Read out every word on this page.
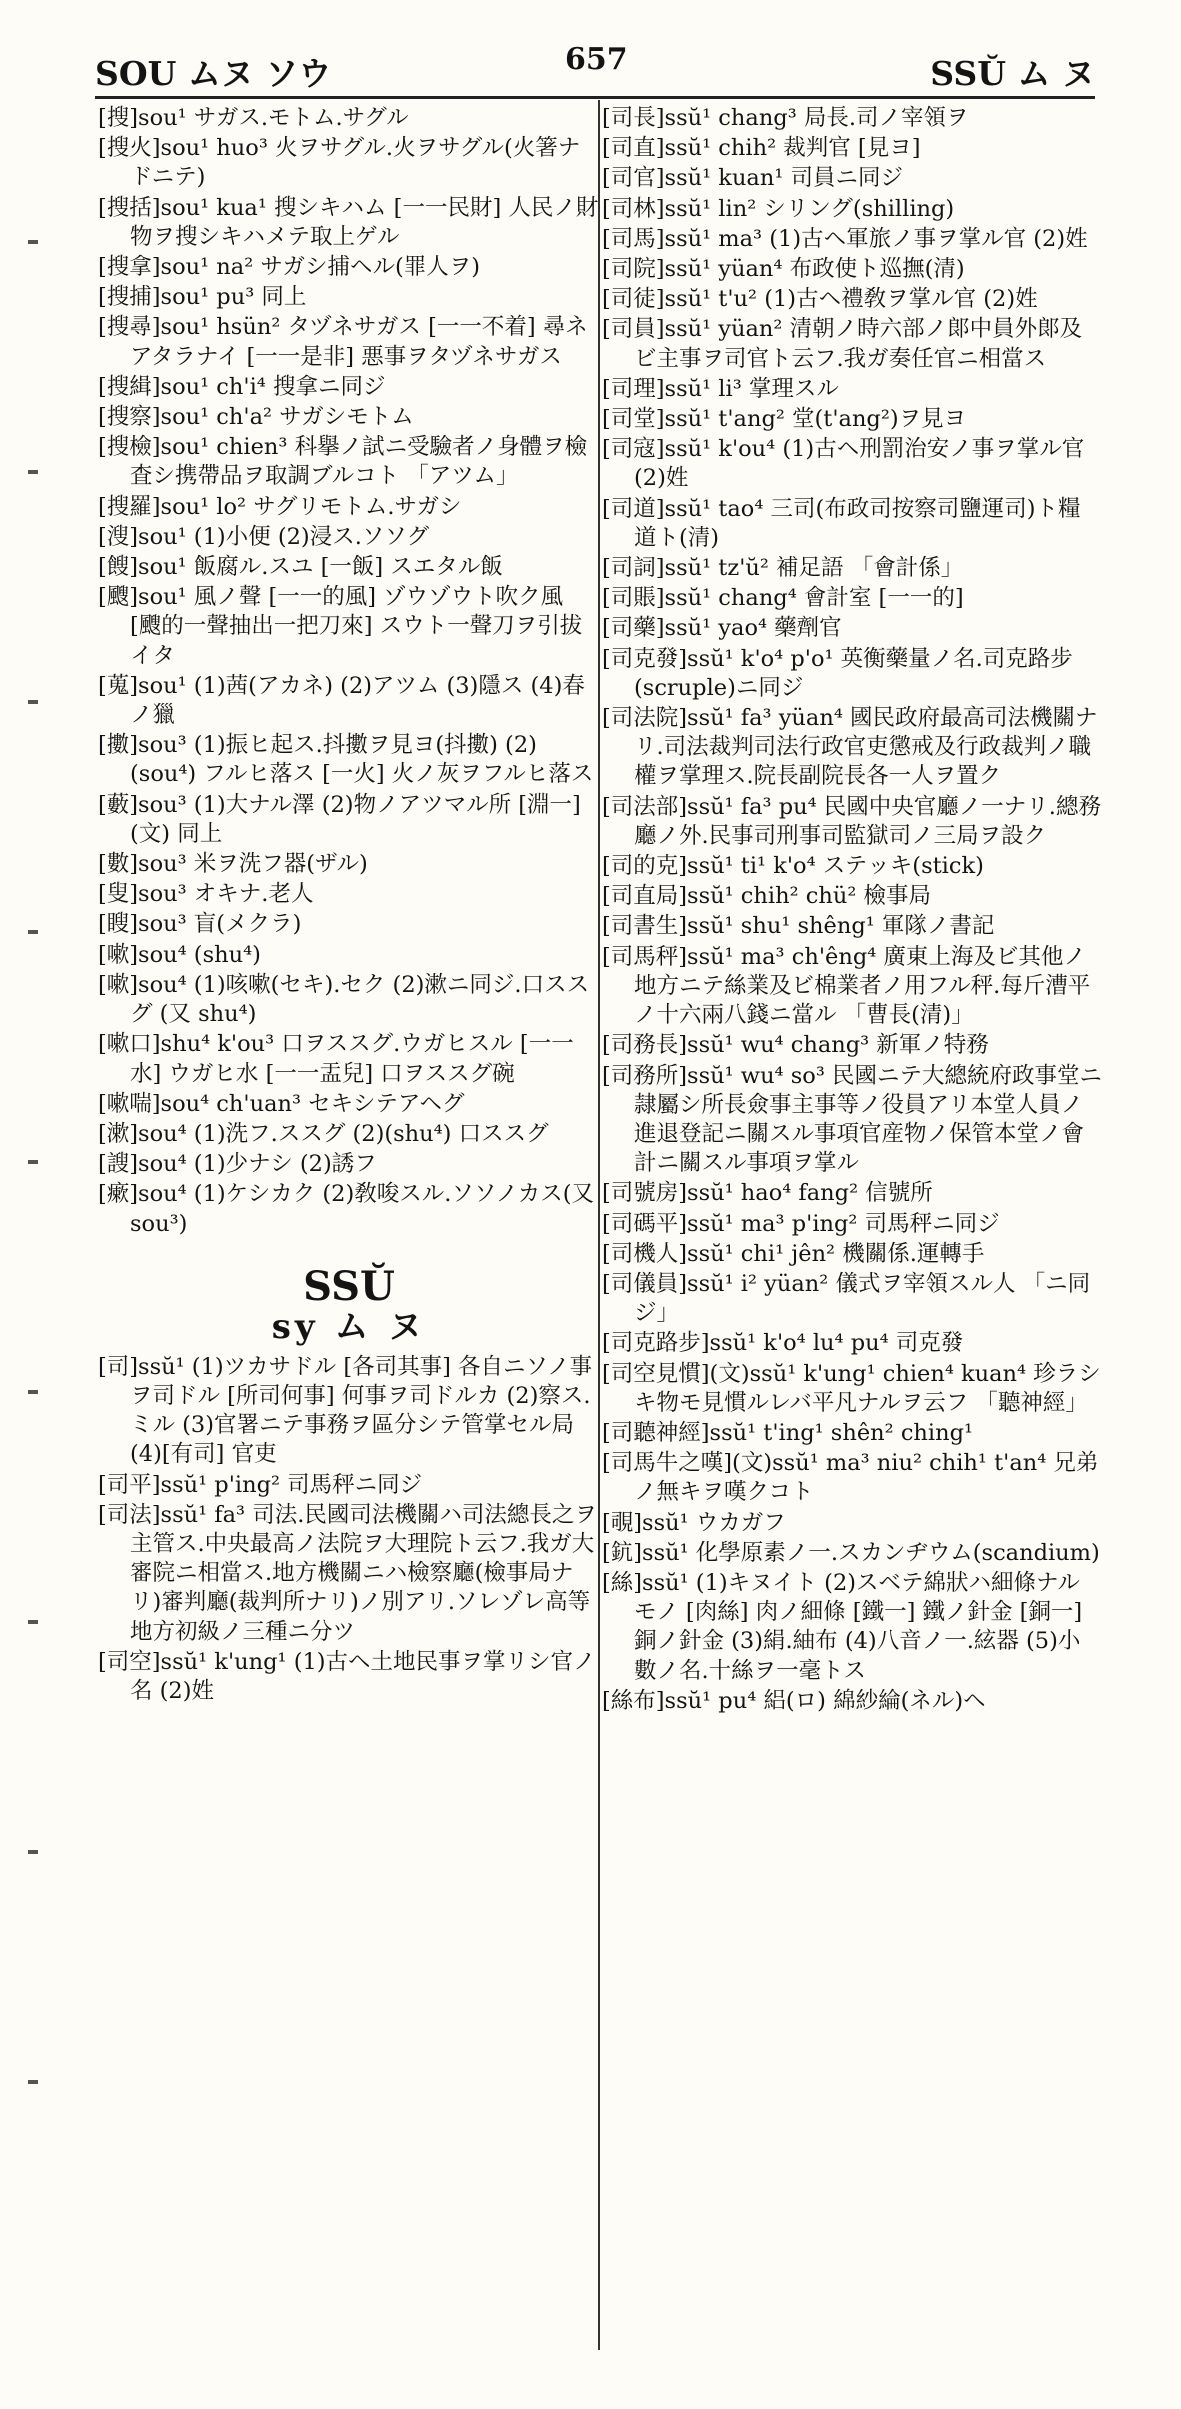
SOU ムヌ ソウ	657	SSŬ ム ヌ
[搜]sou¹ サガス.モトム.サグル
[搜火]sou¹ huo³ 火ヲサグル.火ヲサグル(火箸ナドニテ)
[搜括]sou¹ kua¹ 搜シキハム [一一民財] 人民ノ財物ヲ搜シキハメテ取上ゲル
[搜拿]sou¹ na² サガシ捕ヘル(罪人ヲ)
[搜捕]sou¹ pu³ 同上
[搜尋]sou¹ hsün² タヅネサガス [一一不着] 尋ネアタラナイ [一一是非] 悪事ヲタヅネサガス
[搜緝]sou¹ ch'i⁴ 搜拿ニ同ジ
[搜察]sou¹ ch'a² サガシモトム
[搜檢]sou¹ chien³ 科擧ノ試ニ受驗者ノ身體ヲ檢査シ携帶品ヲ取調ブルコト 「アツム」
[搜羅]sou¹ lo² サグリモトム.サガシ
[溲]sou¹ (1)小便 (2)浸ス.ソソグ
[餿]sou¹ 飯腐ル.スユ [一飯] スエタル飯
[颼]sou¹ 風ノ聲 [一一的風] ゾウゾウト吹ク風 [颼的一聲抽出一把刀來] スウト一聲刀ヲ引拔イタ
[蒐]sou¹ (1)茜(アカネ) (2)アツム (3)隱ス (4)春ノ獵
[擻]sou³ (1)振ヒ起ス.抖擻ヲ見ヨ(抖擻) (2)(sou⁴) フルヒ落ス [一火] 火ノ灰ヲフルヒ落ス
[藪]sou³ (1)大ナル澤 (2)物ノアツマル所 [淵一](文) 同上
[數]sou³ 米ヲ洗フ器(ザル)
[叟]sou³ オキナ.老人
[瞍]sou³ 盲(メクラ)
[嗽]sou⁴ (shu⁴)
[嗽]sou⁴ (1)咳嗽(セキ).セク (2)漱ニ同ジ.口ススグ (又 shu⁴)
[嗽口]shu⁴ k'ou³ 口ヲススグ.ウガヒスル [一一水] ウガヒ水 [一一盂兒] 口ヲススグ碗
[嗽喘]sou⁴ ch'uan³ セキシテアヘグ
[漱]sou⁴ (1)洗フ.ススグ (2)(shu⁴) 口ススグ
[謏]sou⁴ (1)少ナシ (2)誘フ
[瘶]sou⁴ (1)ケシカク (2)敎唆スル.ソソノカス(又 sou³)
SSŬ
sy ム ヌ
[司]ssŭ¹ (1)ツカサドル [各司其事] 各自ニソノ事ヲ司ドル [所司何事] 何事ヲ司ドルカ (2)察ス.ミル (3)官署ニテ事務ヲ區分シテ管掌セル局 (4)[有司] 官吏
[司平]ssŭ¹ p'ing² 司馬秤ニ同ジ
[司法]ssŭ¹ fa³ 司法.民國司法機關ハ司法總長之ヲ主管ス.中央最高ノ法院ヲ大理院ト云フ.我ガ大審院ニ相當ス.地方機關ニハ檢察廳(檢事局ナリ)審判廳(裁判所ナリ)ノ別アリ.ソレゾレ高等地方初級ノ三種ニ分ツ
[司空]ssŭ¹ k'ung¹ (1)古ヘ土地民事ヲ掌リシ官ノ名 (2)姓
[司長]ssŭ¹ chang³ 局長.司ノ宰領ヲ
[司直]ssŭ¹ chih² 裁判官 [見ヨ]
[司官]ssŭ¹ kuan¹ 司員ニ同ジ
[司林]ssŭ¹ lin² シリング(shilling)
[司馬]ssŭ¹ ma³ (1)古ヘ軍旅ノ事ヲ掌ル官 (2)姓
[司院]ssŭ¹ yüan⁴ 布政使ト巡撫(清)
[司徒]ssŭ¹ t'u² (1)古ヘ禮敎ヲ掌ル官 (2)姓
[司員]ssŭ¹ yüan² 清朝ノ時六部ノ郞中員外郞及ビ主事ヲ司官ト云フ.我ガ奏任官ニ相當ス
[司理]ssŭ¹ li³ 掌理スル
[司堂]ssŭ¹ t'ang² 堂(t'ang²)ヲ見ヨ
[司寇]ssŭ¹ k'ou⁴ (1)古ヘ刑罰治安ノ事ヲ掌ル官 (2)姓
[司道]ssŭ¹ tao⁴ 三司(布政司按察司鹽運司)ト糧道ト(清)
[司詞]ssŭ¹ tz'ŭ² 補足語 「會計係」
[司賬]ssŭ¹ chang⁴ 會計室 [一一的]
[司藥]ssŭ¹ yao⁴ 藥劑官
[司克發]ssŭ¹ k'o⁴ p'o¹ 英衡藥量ノ名.司克路步(scruple)ニ同ジ
[司法院]ssŭ¹ fa³ yüan⁴ 國民政府最高司法機關ナリ.司法裁判司法行政官吏懲戒及行政裁判ノ職權ヲ掌理ス.院長副院長各一人ヲ置ク
[司法部]ssŭ¹ fa³ pu⁴ 民國中央官廳ノ一ナリ.總務廳ノ外.民事司刑事司監獄司ノ三局ヲ設ク
[司的克]ssŭ¹ ti¹ k'o⁴ ステッキ(stick)
[司直局]ssŭ¹ chih² chü² 檢事局
[司書生]ssŭ¹ shu¹ shêng¹ 軍隊ノ書記
[司馬秤]ssŭ¹ ma³ ch'êng⁴ 廣東上海及ビ其他ノ地方ニテ絲業及ビ棉業者ノ用フル秤.每斤漕平ノ十六兩八錢ニ當ル 「曹長(清)」
[司務長]ssŭ¹ wu⁴ chang³ 新軍ノ特務
[司務所]ssŭ¹ wu⁴ so³ 民國ニテ大總統府政事堂ニ隷屬シ所長僉事主事等ノ役員アリ本堂人員ノ進退登記ニ關スル事項官産物ノ保管本堂ノ會計ニ關スル事項ヲ掌ル
[司號房]ssŭ¹ hao⁴ fang² 信號所
[司碼平]ssŭ¹ ma³ p'ing² 司馬秤ニ同ジ
[司機人]ssŭ¹ chi¹ jên² 機關係.運轉手
[司儀員]ssŭ¹ i² yüan² 儀式ヲ宰領スル人 「ニ同ジ」
[司克路步]ssŭ¹ k'o⁴ lu⁴ pu⁴ 司克發
[司空見慣](文)ssŭ¹ k'ung¹ chien⁴ kuan⁴ 珍ラシキ物モ見慣ルレバ平凡ナルヲ云フ 「聽神經」
[司聽神經]ssŭ¹ t'ing¹ shên² ching¹
[司馬牛之嘆](文)ssŭ¹ ma³ niu² chih¹ t'an⁴ 兄弟ノ無キヲ嘆クコト
[覗]ssŭ¹ ウカガフ
[鈧]ssŭ¹ 化學原素ノ一.スカンヂウム(scandium)
[絲]ssŭ¹ (1)キヌイト (2)スベテ綿狀ハ細條ナルモノ [肉絲] 肉ノ細條 [鐵一] 鐵ノ針金 [銅一] 銅ノ針金 (3)絹.紬布 (4)八音ノ一.絃器 (5)小數ノ名.十絲ヲ一毫トス
[絲布]ssŭ¹ pu⁴ 絽(ロ) 綿紗綸(ネル)ヘ
